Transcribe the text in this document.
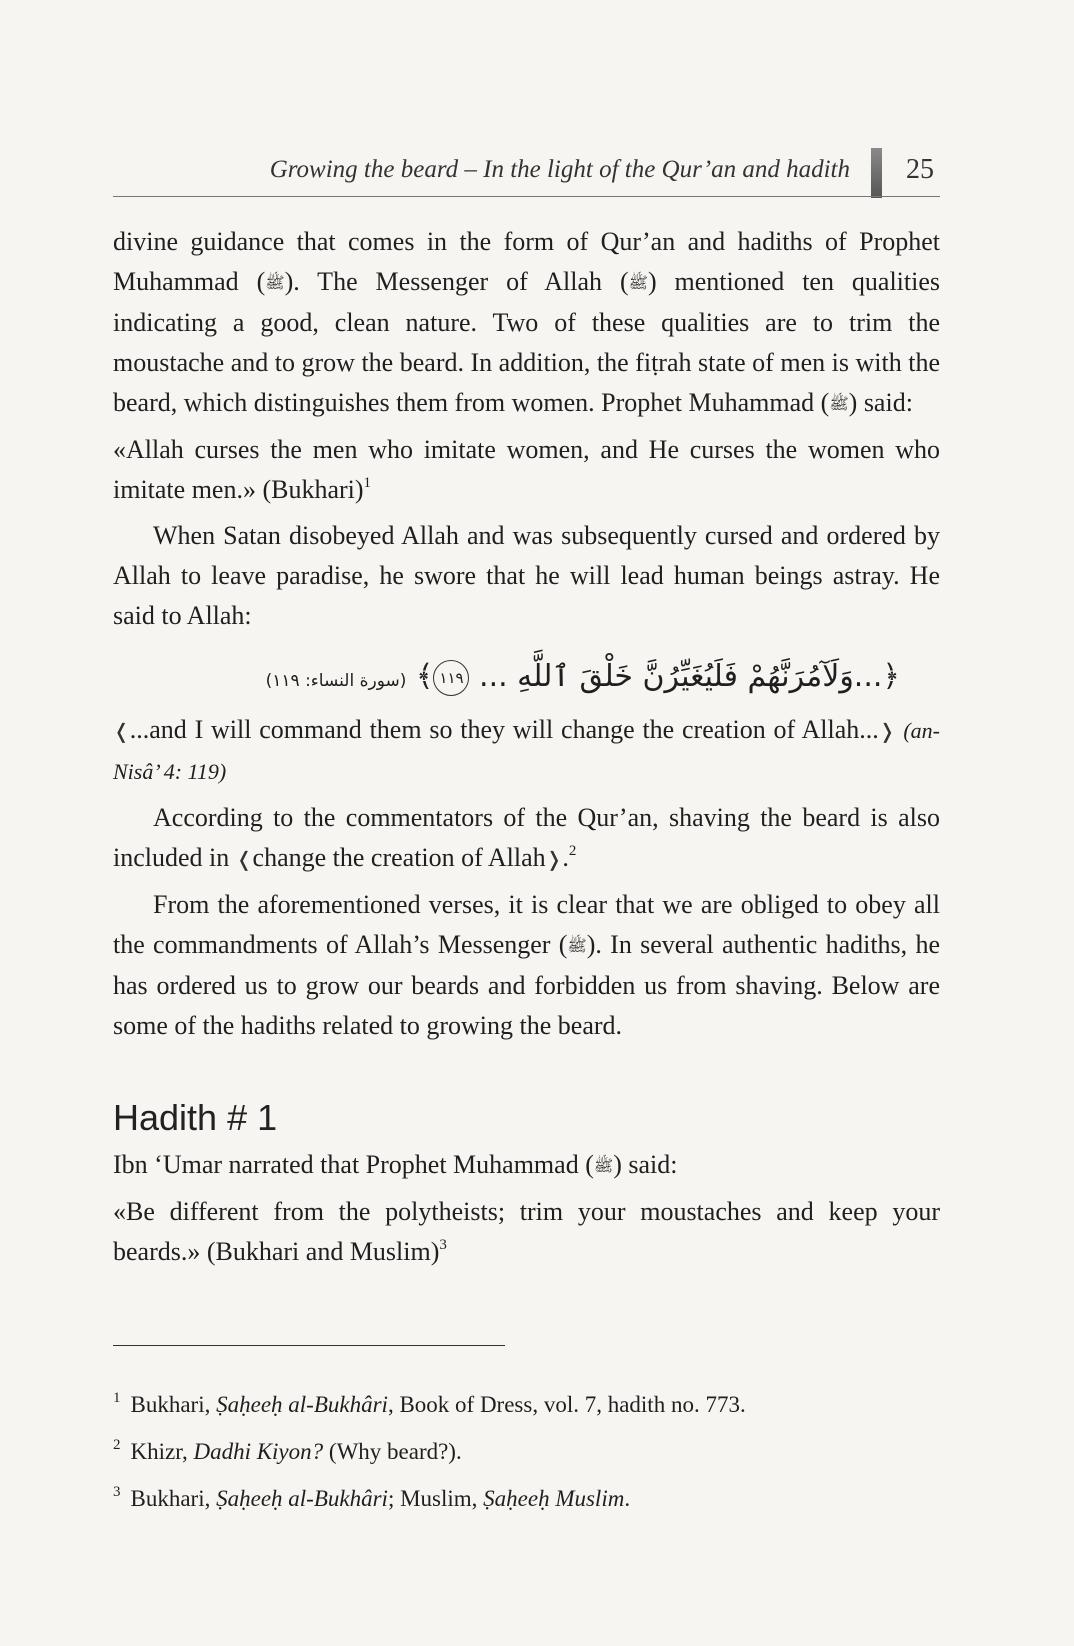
Growing the beard – In the light of the Qur’an and hadith 25

divine guidance that comes in the form of Qur’an and hadiths of Prophet Muhammad (ﷺ). The Messenger of Allah (ﷺ) mentioned ten qualities indicating a good, clean nature. Two of these qualities are to trim the moustache and to grow the beard. In addition, the fiṭrah state of men is with the beard, which distinguishes them from women. Prophet Muhammad (ﷺ) said:

«Allah curses the men who imitate women, and He curses the women who imitate men.» (Bukhari)$^1$

When Satan disobeyed Allah and was subsequently cursed and ordered by Allah to leave paradise, he swore that he will lead human beings astray. He said to Allah:

﴿...وَلَآمُرَنَّهُمْ فَلَيُغَيِّرُنَّ خَلْقَ ٱللَّهِ ... ١١٩﴾ (سورة النساء: ١١٩)

❬...and I will command them so they will change the creation of Allah...❭ (an-Nisâ’ 4: 119)

According to the commentators of the Qur’an, shaving the beard is also included in ❬change the creation of Allah❭.$^2$

From the aforementioned verses, it is clear that we are obliged to obey all the commandments of Allah’s Messenger (ﷺ). In several authentic hadiths, he has ordered us to grow our beards and forbidden us from shaving. Below are some of the hadiths related to growing the beard.

Hadith # 1

Ibn ‘Umar narrated that Prophet Muhammad (ﷺ) said:

«Be different from the polytheists; trim your moustaches and keep your beards.» (Bukhari and Muslim)$^3$

$^1$ Bukhari, Ṣaḥeeḥ al-Bukhâri, Book of Dress, vol. 7, hadith no. 773.

$^2$ Khizr, Dadhi Kiyon? (Why beard?).

$^3$ Bukhari, Ṣaḥeeḥ al-Bukhâri; Muslim, Ṣaḥeeḥ Muslim.
